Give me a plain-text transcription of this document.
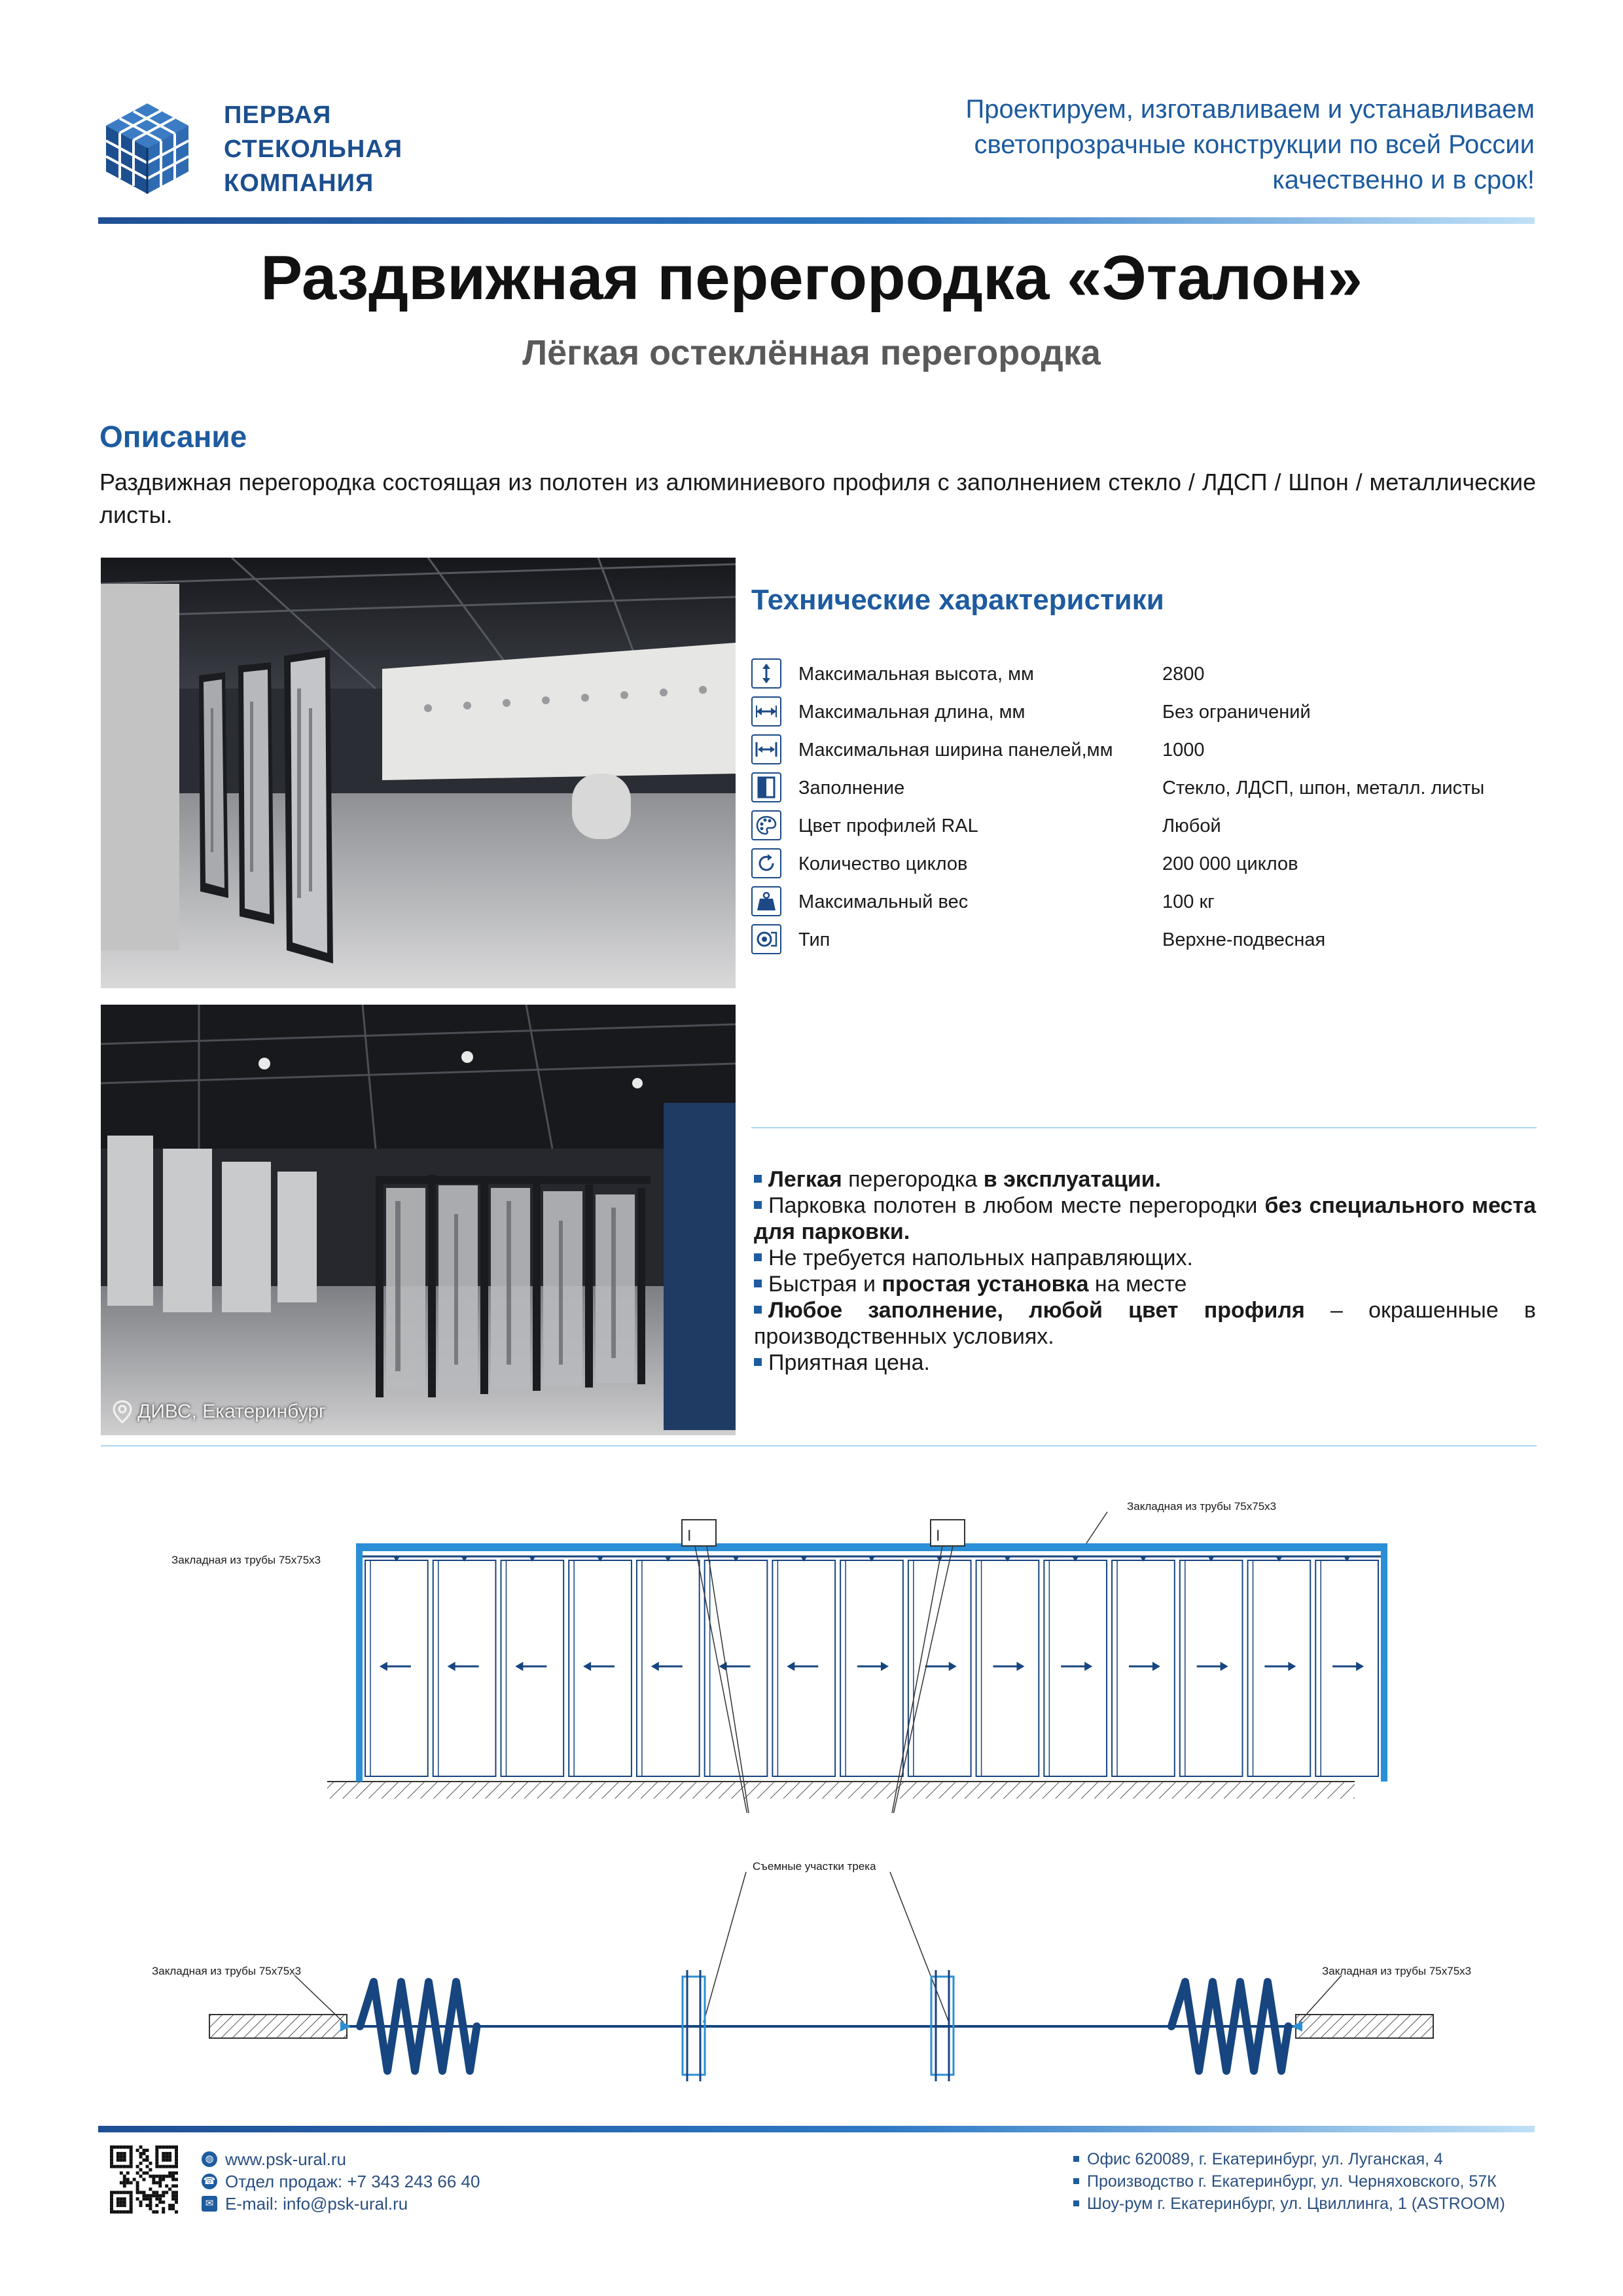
ПЕРВАЯ
СТЕКОЛЬНАЯ
КОМПАНИЯ
Проектируем, изготавливаем и устанавливаем
светопрозрачные конструкции по всей России
качественно и в срок!
Раздвижная перегородка «Эталон»
Лёгкая остеклённая перегородка
Описание
Раздвижная перегородка состоящая из полотен из алюминиевого профиля с заполнением стекло / ЛДСП / Шпон / металлические листы.
ДИВС, Екатеринбург
Технические характеристики
Максимальная высота, мм	2800
Максимальная длина, мм	Без ограничений
Максимальная ширина панелей,мм	1000
Заполнение	Стекло, ЛДСП, шпон, металл. листы
Цвет профилей RAL	Любой
Количество циклов	200 000 циклов
Максимальный вес	100 кг
Тип	Верхне-подвесная

Легкая перегородка в эксплуатации.

Парковка полотен в любом месте перегородки без специального места для парковки.

Не требуется напольных направляющих.

Быстрая и простая установка на месте

Любое заполнение, любой цвет профиля – окрашенные в производственных условиях.

Приятная цена.

I	I
Закладная из трубы 75х75х3
Закладная из трубы 75х75х3
Съемные участки трека
Закладная из трубы 75х75х3	Закладная из трубы 75х75х3
◍ www.psk-ural.ru
☎ Отдел продаж: +7 343 243 66 40
✉ E-mail: info@psk-ural.ru
Офис 620089, г. Екатеринбург, ул. Луганская, 4
Производство г. Екатеринбург, ул. Черняховского, 57К
Шоу-рум г. Екатеринбург, ул. Цвиллинга, 1 (ASTROOM)
